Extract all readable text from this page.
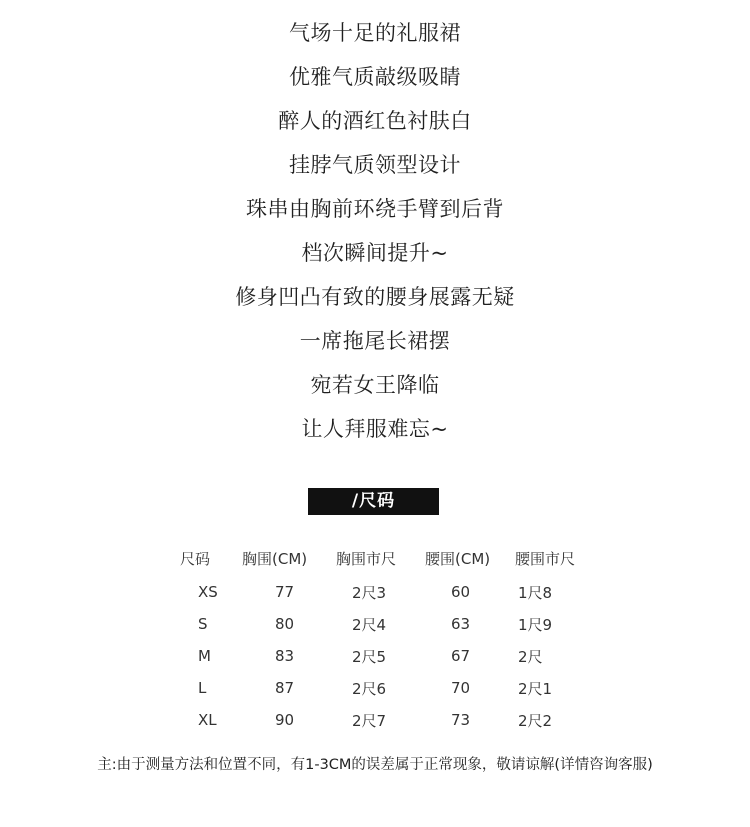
气场十足的礼服裙
优雅气质敲级吸睛
醉人的酒红色衬肤白
挂脖气质领型设计
珠串由胸前环绕手臂到后背
档次瞬间提升~
修身凹凸有致的腰身展露无疑
一席拖尾长裙摆
宛若女王降临
让人拜服难忘~
/尺码
	尺码	胸围(CM)	胸围市尺	腰围(CM)	腰围市尺	
	XS	77	2尺3	60	1尺8	
	S	80	2尺4	63	1尺9	
	M	83	2尺5	67	2尺	
	L	87	2尺6	70	2尺1	
	XL	90	2尺7	73	2尺2	
主:由于测量方法和位置不同，有1-3CM的误差属于正常现象，敬请谅解(详情咨询客服)
